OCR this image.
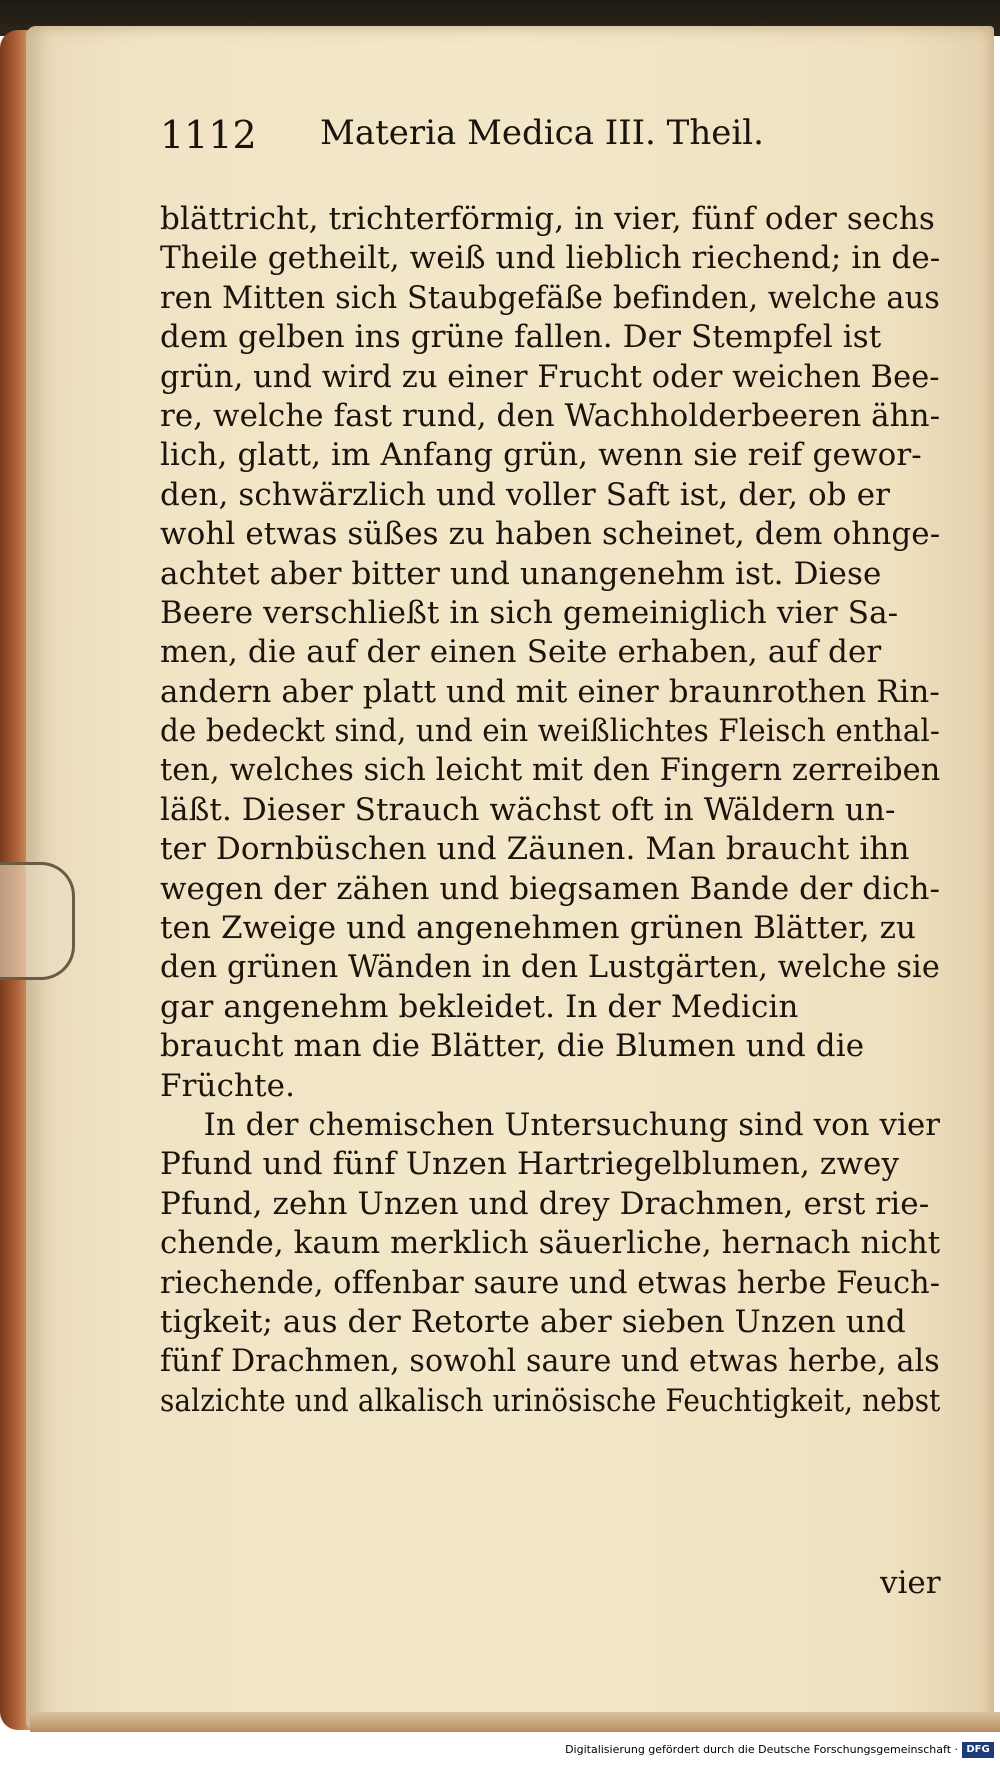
1112 Materia Medica III. Theil.
blättricht, trichterförmig, in vier, fünf oder sechs
Theile getheilt, weiß und lieblich riechend; in de-
ren Mitten sich Staubgefäße befinden, welche aus
dem gelben ins grüne fallen. Der Stempfel ist
grün, und wird zu einer Frucht oder weichen Bee-
re, welche fast rund, den Wachholderbeeren ähn-
lich, glatt, im Anfang grün, wenn sie reif gewor-
den, schwärzlich und voller Saft ist, der, ob er
wohl etwas süßes zu haben scheinet, dem ohnge-
achtet aber bitter und unangenehm ist. Diese
Beere verschließt in sich gemeiniglich vier Sa-
men, die auf der einen Seite erhaben, auf der
andern aber platt und mit einer braunrothen Rin-
de bedeckt sind, und ein weißlichtes Fleisch enthal-
ten, welches sich leicht mit den Fingern zerreiben
läßt. Dieser Strauch wächst oft in Wäldern un-
ter Dornbüschen und Zäunen. Man braucht ihn
wegen der zähen und biegsamen Bande der dich-
ten Zweige und angenehmen grünen Blätter, zu
den grünen Wänden in den Lustgärten, welche sie
gar angenehm bekleidet. In der Medicin
braucht man die Blätter, die Blumen und die
Früchte.
In der chemischen Untersuchung sind von vier
Pfund und fünf Unzen Hartriegelblumen, zwey
Pfund, zehn Unzen und drey Drachmen, erst rie-
chende, kaum merklich säuerliche, hernach nicht
riechende, offenbar saure und etwas herbe Feuch-
tigkeit; aus der Retorte aber sieben Unzen und
fünf Drachmen, sowohl saure und etwas herbe, als
salzichte und alkalisch urinösische Feuchtigkeit, nebst
vier
Digitalisierung gefördert durch die Deutsche Forschungsgemeinschaft · DFG
